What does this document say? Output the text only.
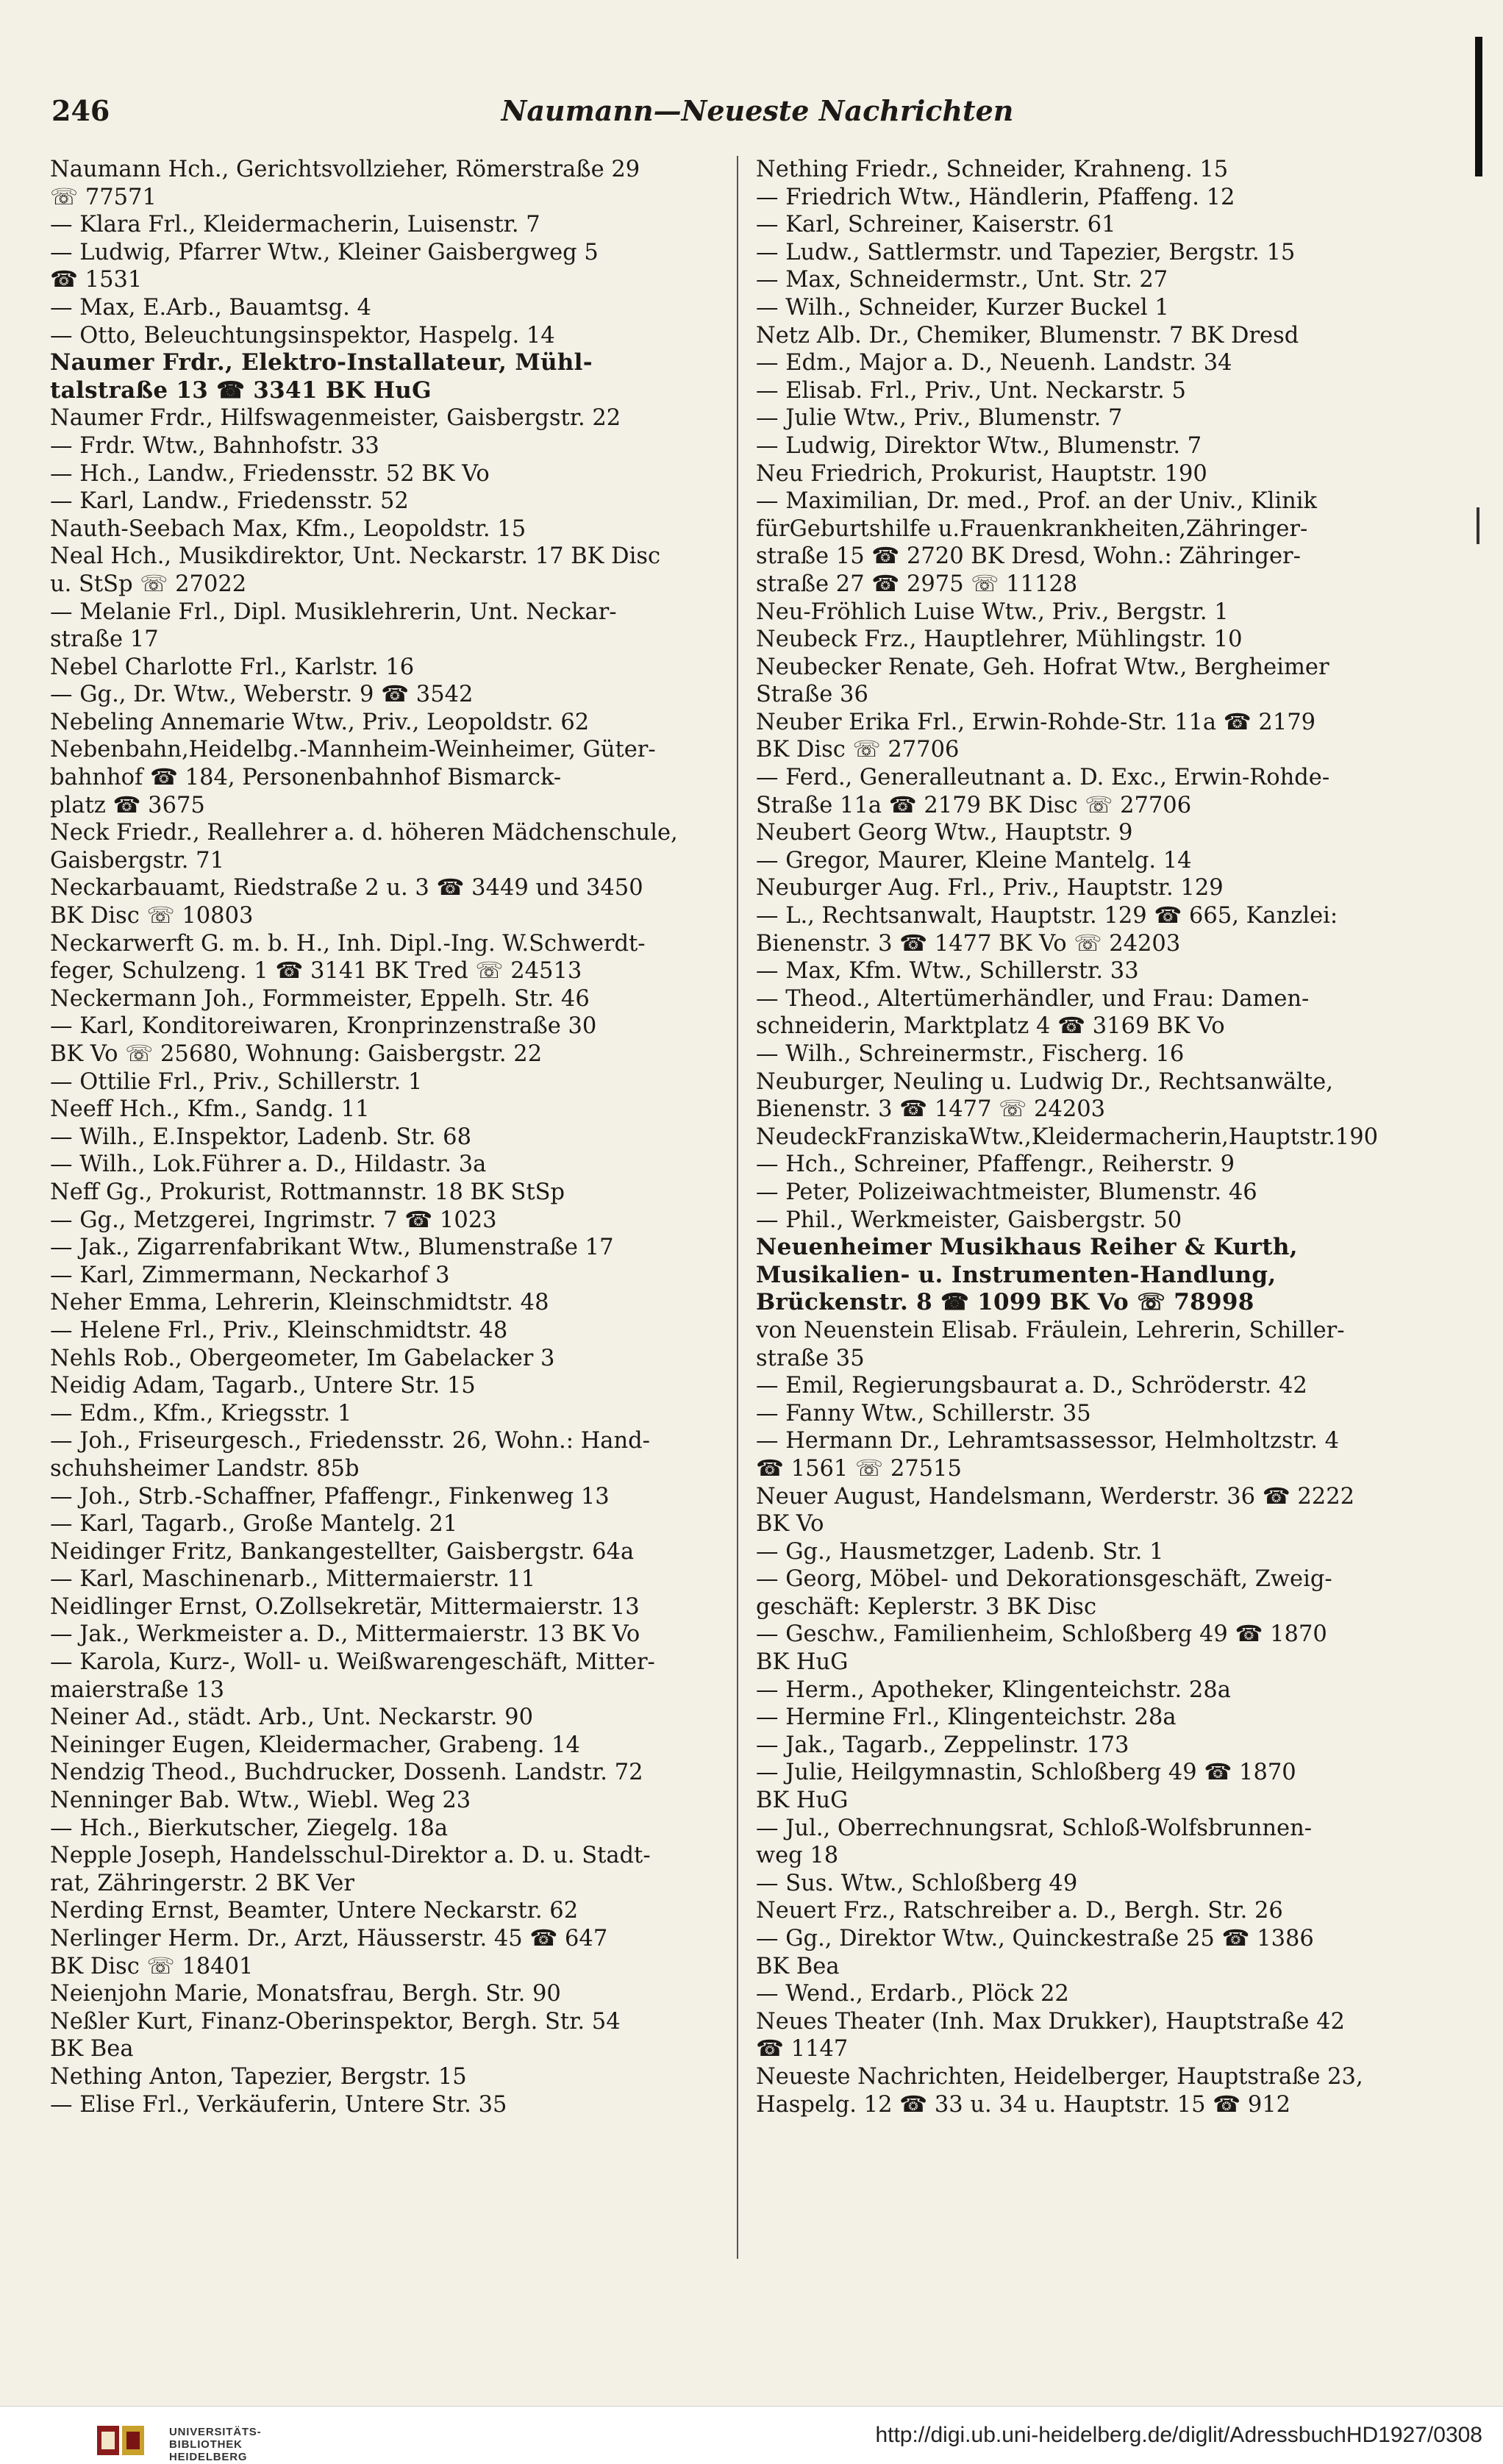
246	Naumann—Neueste Nachrichten
Naumann Hch., Gerichtsvollzieher, Römerstraße 29
☏ 77571
— Klara Frl., Kleidermacherin, Luisenstr. 7
— Ludwig, Pfarrer Wtw., Kleiner Gaisbergweg 5
☎ 1531
— Max, E.Arb., Bauamtsg. 4
— Otto, Beleuchtungsinspektor, Haspelg. 14
Naumer Frdr., Elektro-Installateur, Mühl-
talstraße 13 ☎ 3341 BK HuG
Naumer Frdr., Hilfswagenmeister, Gaisbergstr. 22
— Frdr. Wtw., Bahnhofstr. 33
— Hch., Landw., Friedensstr. 52 BK Vo
— Karl, Landw., Friedensstr. 52
Nauth-Seebach Max, Kfm., Leopoldstr. 15
Neal Hch., Musikdirektor, Unt. Neckarstr. 17 BK Disc
u. StSp ☏ 27022
— Melanie Frl., Dipl. Musiklehrerin, Unt. Neckar-
straße 17
Nebel Charlotte Frl., Karlstr. 16
— Gg., Dr. Wtw., Weberstr. 9 ☎ 3542
Nebeling Annemarie Wtw., Priv., Leopoldstr. 62
Nebenbahn,Heidelbg.-Mannheim-Weinheimer, Güter-
bahnhof ☎ 184, Personenbahnhof Bismarck-
platz ☎ 3675
Neck Friedr., Reallehrer a. d. höheren Mädchenschule,
Gaisbergstr. 71
Neckarbauamt, Riedstraße 2 u. 3 ☎ 3449 und 3450
BK Disc ☏ 10803
Neckarwerft G. m. b. H., Inh. Dipl.-Ing. W.Schwerdt-
feger, Schulzeng. 1 ☎ 3141 BK Tred ☏ 24513
Neckermann Joh., Formmeister, Eppelh. Str. 46
— Karl, Konditoreiwaren, Kronprinzenstraße 30
BK Vo ☏ 25680, Wohnung: Gaisbergstr. 22
— Ottilie Frl., Priv., Schillerstr. 1
Neeff Hch., Kfm., Sandg. 11
— Wilh., E.Inspektor, Ladenb. Str. 68
— Wilh., Lok.Führer a. D., Hildastr. 3a
Neff Gg., Prokurist, Rottmannstr. 18 BK StSp
— Gg., Metzgerei, Ingrimstr. 7 ☎ 1023
— Jak., Zigarrenfabrikant Wtw., Blumenstraße 17
— Karl, Zimmermann, Neckarhof 3
Neher Emma, Lehrerin, Kleinschmidtstr. 48
— Helene Frl., Priv., Kleinschmidtstr. 48
Nehls Rob., Obergeometer, Im Gabelacker 3
Neidig Adam, Tagarb., Untere Str. 15
— Edm., Kfm., Kriegsstr. 1
— Joh., Friseurgesch., Friedensstr. 26, Wohn.: Hand-
schuhsheimer Landstr. 85b
— Joh., Strb.-Schaffner, Pfaffengr., Finkenweg 13
— Karl, Tagarb., Große Mantelg. 21
Neidinger Fritz, Bankangestellter, Gaisbergstr. 64a
— Karl, Maschinenarb., Mittermaierstr. 11
Neidlinger Ernst, O.Zollsekretär, Mittermaierstr. 13
— Jak., Werkmeister a. D., Mittermaierstr. 13 BK Vo
— Karola, Kurz-, Woll- u. Weißwarengeschäft, Mitter-
maierstraße 13
Neiner Ad., städt. Arb., Unt. Neckarstr. 90
Neininger Eugen, Kleidermacher, Grabeng. 14
Nendzig Theod., Buchdrucker, Dossenh. Landstr. 72
Nenninger Bab. Wtw., Wiebl. Weg 23
— Hch., Bierkutscher, Ziegelg. 18a
Nepple Joseph, Handelsschul-Direktor a. D. u. Stadt-
rat, Zähringerstr. 2 BK Ver
Nerding Ernst, Beamter, Untere Neckarstr. 62
Nerlinger Herm. Dr., Arzt, Häusserstr. 45 ☎ 647
BK Disc ☏ 18401
Neienjohn Marie, Monatsfrau, Bergh. Str. 90
Neßler Kurt, Finanz-Oberinspektor, Bergh. Str. 54
BK Bea
Nething Anton, Tapezier, Bergstr. 15
— Elise Frl., Verkäuferin, Untere Str. 35
Nething Friedr., Schneider, Krahneng. 15
— Friedrich Wtw., Händlerin, Pfaffeng. 12
— Karl, Schreiner, Kaiserstr. 61
— Ludw., Sattlermstr. und Tapezier, Bergstr. 15
— Max, Schneidermstr., Unt. Str. 27
— Wilh., Schneider, Kurzer Buckel 1
Netz Alb. Dr., Chemiker, Blumenstr. 7 BK Dresd
— Edm., Major a. D., Neuenh. Landstr. 34
— Elisab. Frl., Priv., Unt. Neckarstr. 5
— Julie Wtw., Priv., Blumenstr. 7
— Ludwig, Direktor Wtw., Blumenstr. 7
Neu Friedrich, Prokurist, Hauptstr. 190
— Maximilian, Dr. med., Prof. an der Univ., Klinik
fürGeburtshilfe u.Frauenkrankheiten,Zähringer-
straße 15 ☎ 2720 BK Dresd, Wohn.: Zähringer-
straße 27 ☎ 2975 ☏ 11128
Neu-Fröhlich Luise Wtw., Priv., Bergstr. 1
Neubeck Frz., Hauptlehrer, Mühlingstr. 10
Neubecker Renate, Geh. Hofrat Wtw., Bergheimer
Straße 36
Neuber Erika Frl., Erwin-Rohde-Str. 11a ☎ 2179
BK Disc ☏ 27706
— Ferd., Generalleutnant a. D. Exc., Erwin-Rohde-
Straße 11a ☎ 2179 BK Disc ☏ 27706
Neubert Georg Wtw., Hauptstr. 9
— Gregor, Maurer, Kleine Mantelg. 14
Neuburger Aug. Frl., Priv., Hauptstr. 129
— L., Rechtsanwalt, Hauptstr. 129 ☎ 665, Kanzlei:
Bienenstr. 3 ☎ 1477 BK Vo ☏ 24203
— Max, Kfm. Wtw., Schillerstr. 33
— Theod., Altertümerhändler, und Frau: Damen-
schneiderin, Marktplatz 4 ☎ 3169 BK Vo
— Wilh., Schreinermstr., Fischerg. 16
Neuburger, Neuling u. Ludwig Dr., Rechtsanwälte,
Bienenstr. 3 ☎ 1477 ☏ 24203
NeudeckFranziskaWtw.,Kleidermacherin,Hauptstr.190
— Hch., Schreiner, Pfaffengr., Reiherstr. 9
— Peter, Polizeiwachtmeister, Blumenstr. 46
— Phil., Werkmeister, Gaisbergstr. 50
Neuenheimer Musikhaus Reiher & Kurth,
Musikalien- u. Instrumenten-Handlung,
Brückenstr. 8 ☎ 1099 BK Vo ☏ 78998
von Neuenstein Elisab. Fräulein, Lehrerin, Schiller-
straße 35
— Emil, Regierungsbaurat a. D., Schröderstr. 42
— Fanny Wtw., Schillerstr. 35
— Hermann Dr., Lehramtsassessor, Helmholtzstr. 4
☎ 1561 ☏ 27515
Neuer August, Handelsmann, Werderstr. 36 ☎ 2222
BK Vo
— Gg., Hausmetzger, Ladenb. Str. 1
— Georg, Möbel- und Dekorationsgeschäft, Zweig-
geschäft: Keplerstr. 3 BK Disc
— Geschw., Familienheim, Schloßberg 49 ☎ 1870
BK HuG
— Herm., Apotheker, Klingenteichstr. 28a
— Hermine Frl., Klingenteichstr. 28a
— Jak., Tagarb., Zeppelinstr. 173
— Julie, Heilgymnastin, Schloßberg 49 ☎ 1870
BK HuG
— Jul., Oberrechnungsrat, Schloß-Wolfsbrunnen-
weg 18
— Sus. Wtw., Schloßberg 49
Neuert Frz., Ratschreiber a. D., Bergh. Str. 26
— Gg., Direktor Wtw., Quinckestraße 25 ☎ 1386
BK Bea
— Wend., Erdarb., Plöck 22
Neues Theater (Inh. Max Drukker), Hauptstraße 42
☎ 1147
Neueste Nachrichten, Heidelberger, Hauptstraße 23,
Haspelg. 12 ☎ 33 u. 34 u. Hauptstr. 15 ☎ 912
UNIVERSITÄTS-
BIBLIOTHEK
HEIDELBERG
http://digi.ub.uni-heidelberg.de/diglit/AdressbuchHD1927/0308
